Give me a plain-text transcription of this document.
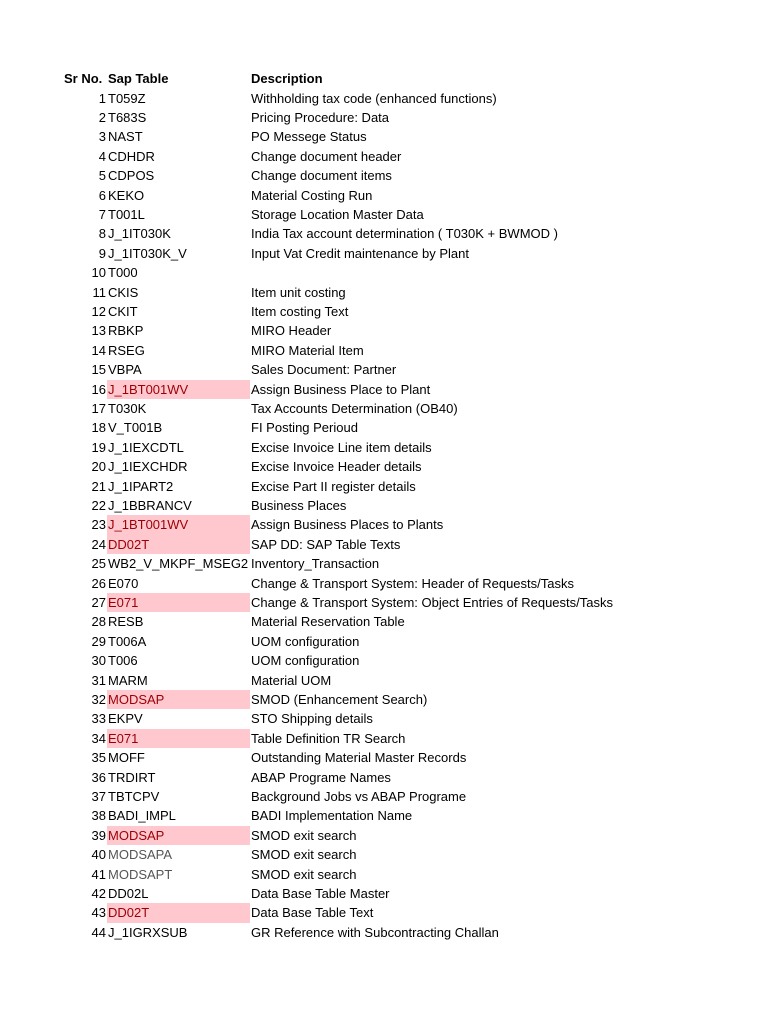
Sr No. Sap Table	Description
1 T059Z	Withholding tax code (enhanced functions)
2 T683S	Pricing Procedure: Data
3 NAST	PO Messege Status
4 CDHDR	Change document header
5 CDPOS	Change document items
6 KEKO	Material Costing Run
7 T001L	Storage Location Master Data
8 J_1IT030K	India Tax account determination ( T030K + BWMOD )
9 J_1IT030K_V	Input Vat Credit maintenance by Plant
10 T000
11 CKIS	Item unit costing
12 CKIT	Item costing Text
13 RBKP	MIRO Header
14 RSEG	MIRO Material Item
15 VBPA	Sales Document: Partner
16 J_1BT001WV	Assign Business Place to Plant
17 T030K	Tax Accounts Determination (OB40)
18 V_T001B	FI Posting Perioud
19 J_1IEXCDTL	Excise Invoice Line item details
20 J_1IEXCHDR	Excise Invoice Header details
21 J_1IPART2	Excise Part II register details
22 J_1BBRANCV	Business Places
23 J_1BT001WV	Assign Business Places to Plants
24 DD02T	SAP DD: SAP Table Texts
25 WB2_V_MKPF_MSEG2 Inventory_Transaction
26 E070	Change & Transport System: Header of Requests/Tasks
27 E071	Change & Transport System: Object Entries of Requests/Tasks
28 RESB	Material Reservation Table
29 T006A	UOM configuration
30 T006	UOM configuration
31 MARM	Material UOM
32 MODSAP	SMOD (Enhancement Search)
33 EKPV	STO Shipping details
34 E071	Table Definition TR Search
35 MOFF	Outstanding Material Master Records
36 TRDIRT	ABAP Programe Names
37 TBTCPV	Background Jobs vs ABAP Programe
38 BADI_IMPL	BADI Implementation Name
39 MODSAP	SMOD exit search
40 MODSAPA	SMOD exit search
41 MODSAPT	SMOD exit search
42 DD02L	Data Base Table Master
43 DD02T	Data Base Table Text
44 J_1IGRXSUB	GR Reference with Subcontracting Challan
